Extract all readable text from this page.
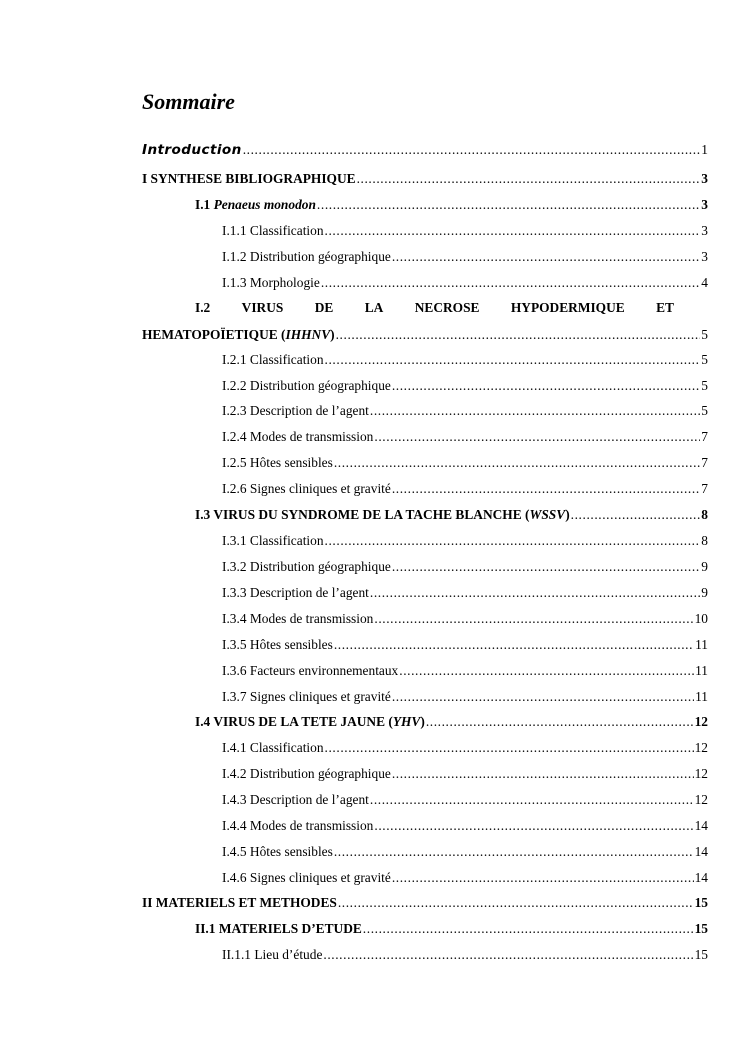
Sommaire
Introduction .....	1
I SYNTHESE BIBLIOGRAPHIQUE .....	3
I.1 Penaeus monodon .....	3
I.1.1 Classification .....	3
I.1.2 Distribution géographique .....	3
I.1.3 Morphologie .....	4
I.2 VIRUS DE LA NECROSE HYPODERMIQUE ET
HEMATOPOÏETIQUE (IHHNV) .....	5
I.2.1 Classification .....	5
I.2.2 Distribution géographique .....	5
I.2.3 Description de l’agent .....	5
I.2.4 Modes de transmission .....	7
I.2.5 Hôtes sensibles .....	7
I.2.6 Signes cliniques et gravité .....	7
I.3 VIRUS DU SYNDROME DE LA TACHE BLANCHE (WSSV) .....	8
I.3.1 Classification .....	8
I.3.2 Distribution géographique .....	9
I.3.3 Description de l’agent .....	9
I.3.4 Modes de transmission .....	10
I.3.5 Hôtes sensibles .....	11
I.3.6 Facteurs environnementaux .....	11
I.3.7 Signes cliniques et gravité .....	11
I.4 VIRUS DE LA TETE JAUNE (YHV) .....	12
I.4.1 Classification .....	12
I.4.2 Distribution géographique .....	12
I.4.3 Description de l’agent .....	12
I.4.4 Modes de transmission .....	14
I.4.5 Hôtes sensibles .....	14
I.4.6 Signes cliniques et gravité .....	14
II MATERIELS ET METHODES .....	15
II.1 MATERIELS D’ETUDE .....	15
II.1.1 Lieu d’étude .....	15
